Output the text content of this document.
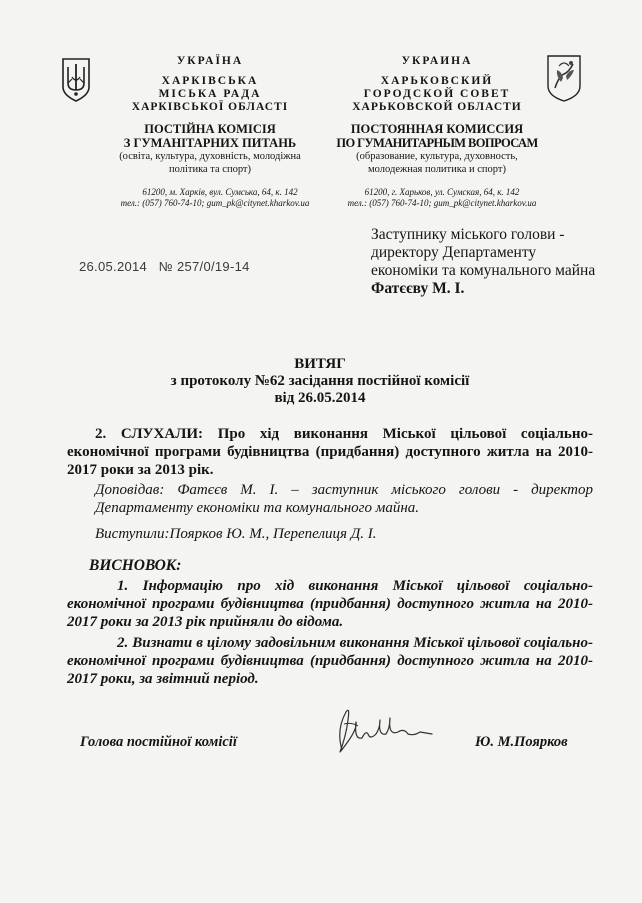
УКРАЇНА
ХАРКІВСЬКА
МІСЬКА РАДА
ХАРКІВСЬКОЇ ОБЛАСТІ
ПОСТІЙНА КОМІСІЯ
З ГУМАНІТАРНИХ ПИТАНЬ
(освіта, культура, духовність, молодіжна
політика та спорт)
61200, м. Харків, вул. Сумська, 64, к. 142
тел.: (057) 760-74-10; gum_pk@citynet.kharkov.ua
УКРАИНА
ХАРЬКОВСКИЙ
ГОРОДСКОЙ СОВЕТ
ХАРЬКОВСКОЙ ОБЛАСТИ
ПОСТОЯННАЯ КОМИССИЯ
ПО ГУМАНИТАРНЫМ ВОПРОСАМ
(образование, культура, духовность,
молодежная политика и спорт)
61200, г. Харьков, ул. Сумская, 64, к. 142
тел.: (057) 760-74-10; gum_pk@citynet.kharkov.ua
26.05.2014   № 257/0/19-14
Заступнику міського голови -
директору Департаменту
економіки та комунального майна
Фатєєву М. І.
ВИТЯГ
з протоколу №62 засідання постійної комісії
від 26.05.2014
2. СЛУХАЛИ: Про хід виконання Міської цільової соціально-
економічної програми будівництва (придбання) доступного житла на 2010-
2017 роки за 2013 рік.
Доповідав: Фатєєв М. І. – заступник міського голови - директор
Департаменту економіки та комунального майна.
Виступили:Поярков Ю. М., Перепелиця Д. І.
ВИСНОВОК:
1. Інформацію про хід виконання Міської цільової соціально-
економічної програми будівництва (придбання) доступного житла на 2010-
2017 роки за 2013 рік прийняли до відома.
2. Визнати в цілому задовільним виконання Міської цільової соціально-
економічної програми будівництва (придбання) доступного житла на 2010-
2017 роки, за звітний період.
Голова постійної комісії	Ю. М.Поярков
